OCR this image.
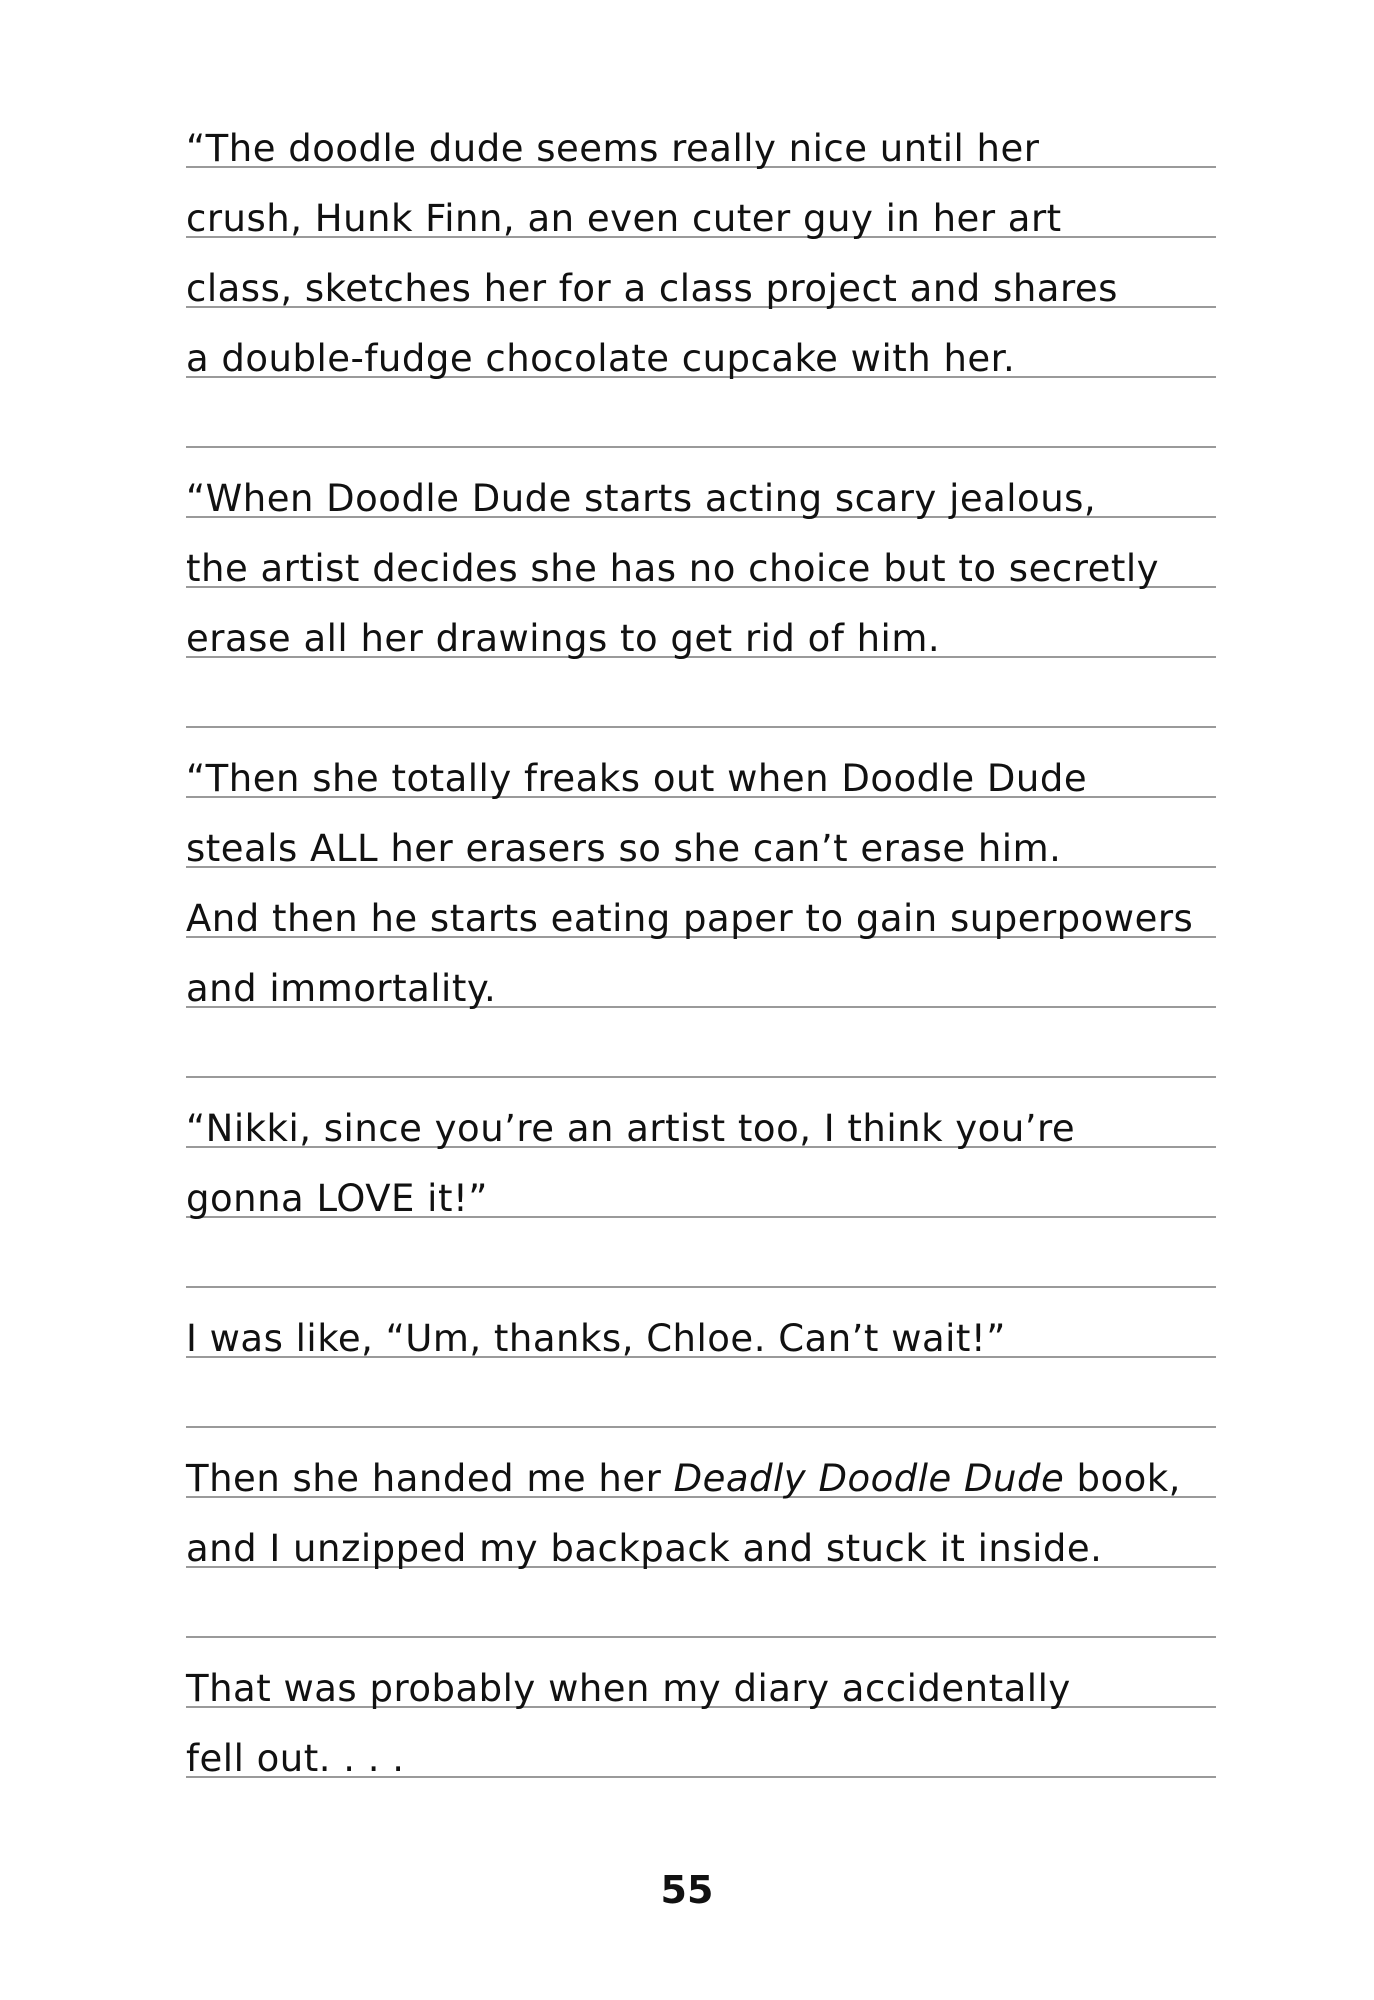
“The doodle dude seems really nice until her
crush, Hunk Finn, an even cuter guy in her art
class, sketches her for a class project and shares
a double-fudge chocolate cupcake with her.
“When Doodle Dude starts acting scary jealous,
the artist decides she has no choice but to secretly
erase all her drawings to get rid of him.
“Then she totally freaks out when Doodle Dude
steals ALL her erasers so she can’t erase him.
And then he starts eating paper to gain superpowers
and immortality.
“Nikki, since you’re an artist too, I think you’re
gonna LOVE it!”
I was like, “Um, thanks, Chloe. Can’t wait!”
Then she handed me her Deadly Doodle Dude book,
and I unzipped my backpack and stuck it inside.
That was probably when my diary accidentally
fell out. . . .
55
